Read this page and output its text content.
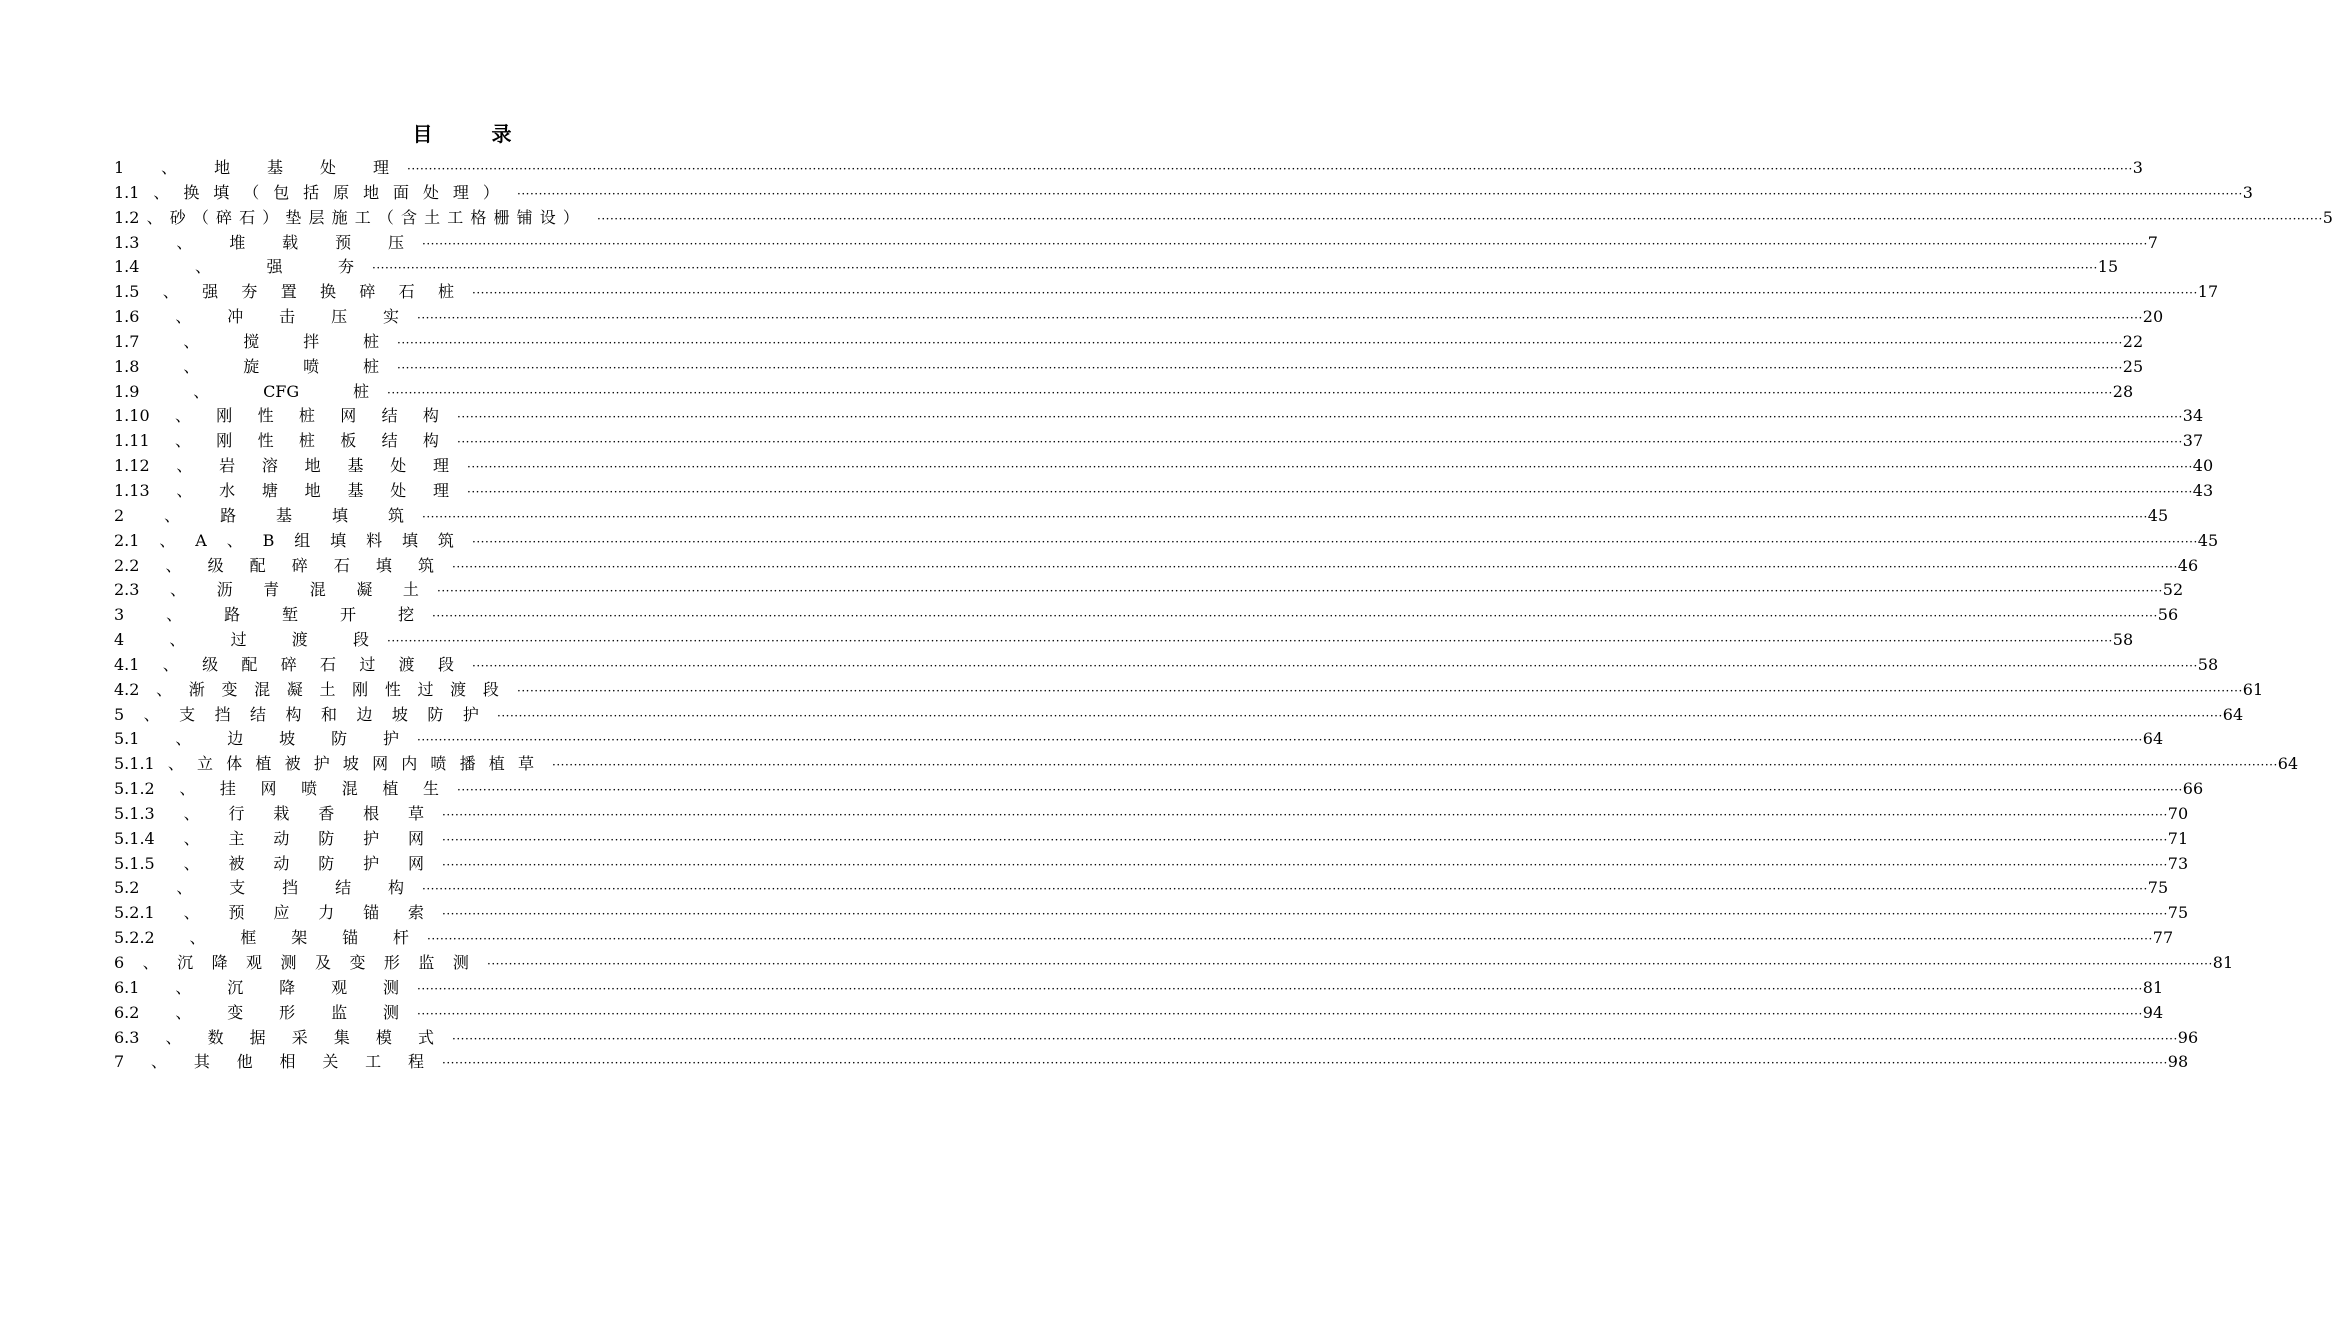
目 录
1 、 地 基 处 理 ················································································································································································································································································································································································································ 3
1.1 、 换 填 （ 包 括 原 地 面 处 理 ） ················································································································································································································································································································································································································ 3
1.2 、 砂 （ 碎 石 ） 垫 层 施 工 （ 含 土 工 格 栅 铺 设 ） ················································································································································································································································································································································································································ 5
1.3 、 堆 载 预 压 ················································································································································································································································································································································································································ 7
1.4	、	强	夯 ················································································································································································································································································································································································································ 15
1.5 、 强 夯 置 换 碎 石 桩 ················································································································································································································································································································································································································ 17
1.6 、 冲 击 压 实 ················································································································································································································································································································································································································ 20
1.7	、	搅	拌	桩 ················································································································································································································································································································································································································ 22
1.8	、	旋	喷	桩 ················································································································································································································································································································································································································ 25
1.9	、	CFG	桩 ················································································································································································································································································································································································································ 28
1.10 、 刚 性 桩 网 结 构 ················································································································································································································································································································································································································ 34
1.11 、 刚 性 桩 板 结 构 ················································································································································································································································································································································································································ 37
1.12 、 岩 溶 地 基 处 理 ················································································································································································································································································································································································································ 40
1.13 、 水 塘 地 基 处 理 ················································································································································································································································································································································································································ 43
2 、 路 基 填 筑 ················································································································································································································································································································································································································ 45
2.1 、 A 、 B 组 填 料 填 筑 ················································································································································································································································································································································································································ 45
2.2 、 级 配 碎 石 填 筑 ················································································································································································································································································································································································································ 46
2.3 、 沥 青 混 凝 土 ················································································································································································································································································································································································································ 52
3	、	路	堑	开	挖 ················································································································································································································································································································································································································ 56
4	、	过	渡	段 ················································································································································································································································································································································································································ 58
4.1 、 级 配 碎 石 过 渡 段 ················································································································································································································································································································································································································ 58
4.2 、 渐 变 混 凝 土 刚 性 过 渡 段 ················································································································································································································································································································································································································ 61
5 、 支 挡 结 构 和 边 坡 防 护 ················································································································································································································································································································································································································ 64
5.1 、 边 坡 防 护 ················································································································································································································································································································································································································ 64
5.1.1 、 立 体 植 被 护 坡 网 内 喷 播 植 草 ················································································································································································································································································································································································································ 64
5.1.2 、 挂 网 喷 混 植 生 ················································································································································································································································································································································································································ 66
5.1.3 、 行 栽 香 根 草 ················································································································································································································································································································································································································ 70
5.1.4 、 主 动 防 护 网 ················································································································································································································································································································································································································ 71
5.1.5 、 被 动 防 护 网 ················································································································································································································································································································································································································ 73
5.2 、 支 挡 结 构 ················································································································································································································································································································································································································ 75
5.2.1 、 预 应 力 锚 索 ················································································································································································································································································································································································································ 75
5.2.2 、 框 架 锚 杆 ················································································································································································································································································································································································································ 77
6 、 沉 降 观 测 及 变 形 监 测 ················································································································································································································································································································································································································ 81
6.1 、 沉 降 观 测 ················································································································································································································································································································································································································ 81
6.2 、 变 形 监 测 ················································································································································································································································································································································································································ 94
6.3 、 数 据 采 集 模 式 ················································································································································································································································································································································································································ 96
7 、 其 他 相 关 工 程 ················································································································································································································································································································································································································ 98
